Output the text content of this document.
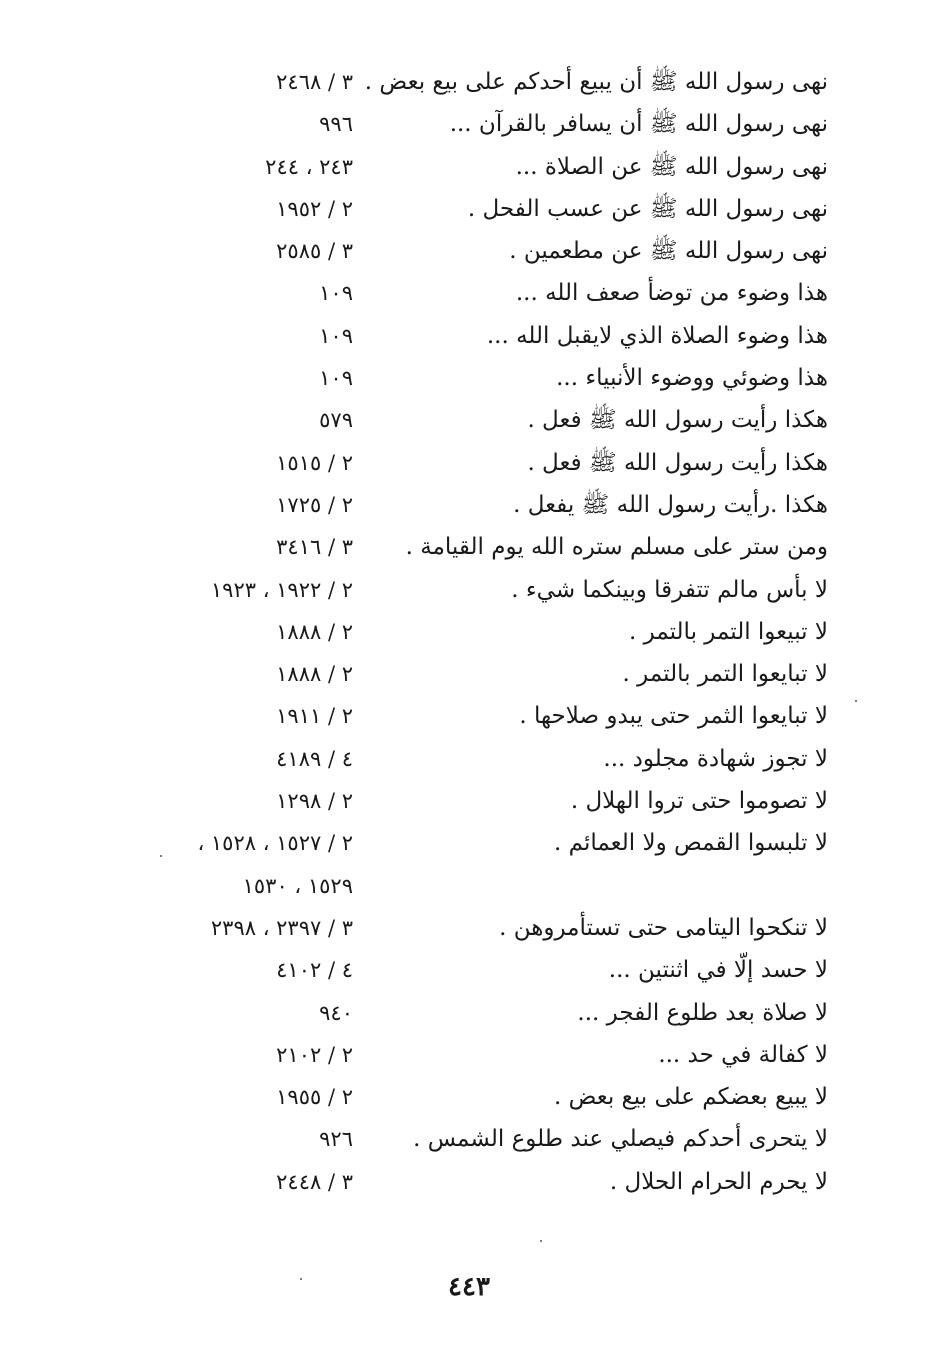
نهى رسول الله ﷺ أن يبيع أحدكم على بيع بعض .
٣ / ٢٤٦٨
نهى رسول الله ﷺ أن يسافر بالقرآن ...
٩٩٦
نهى رسول الله ﷺ عن الصلاة ...
٢٤٣ ، ٢٤٤
نهى رسول الله ﷺ عن عسب الفحل .
٢ / ١٩٥٢
نهى رسول الله ﷺ عن مطعمين .
٣ / ٢٥٨٥
هذا وضوء من توضأ صعف الله ...
١٠٩
هذا وضوء الصلاة الذي لايقبل الله ...
١٠٩
هذا وضوئي ووضوء الأنبياء ...
١٠٩
هكذا رأيت رسول الله ﷺ فعل .
٥٧٩
هكذا رأيت رسول الله ﷺ فعل .
٢ / ١٥١٥
هكذا .رأيت رسول الله ﷺ يفعل .
٢ / ١٧٢٥
ومن ستر على مسلم ستره الله يوم القيامة .
٣ / ٣٤١٦
لا بأس مالم تتفرقا وبينكما شيء .
٢ / ١٩٢٢ ، ١٩٢٣
لا تبيعوا التمر بالتمر .
٢ / ١٨٨٨
لا تبايعوا التمر بالتمر .
٢ / ١٨٨٨
لا تبايعوا الثمر حتى يبدو صلاحها .
٢ / ١٩١١
لا تجوز شهادة مجلود ...
٤ / ٤١٨٩
لا تصوموا حتى تروا الهلال .
٢ / ١٢٩٨
لا تلبسوا القمص ولا العمائم .
٢ / ١٥٢٧ ، ١٥٢٨ ،
١٥٢٩ ، ١٥٣٠
لا تنكحوا اليتامى حتى تستأمروهن .
٣ / ٢٣٩٧ ، ٢٣٩٨
لا حسد إلّا في اثنتين ...
٤ / ٤١٠٢
لا صلاة بعد طلوع الفجر ...
٩٤٠
لا كفالة في حد ...
٢ / ٢١٠٢
لا يبيع بعضكم على بيع بعض .
٢ / ١٩٥٥
لا يتحرى أحدكم فيصلي عند طلوع الشمس .
٩٢٦
لا يحرم الحرام الحلال .
٣ / ٢٤٤٨
٤٤٣
